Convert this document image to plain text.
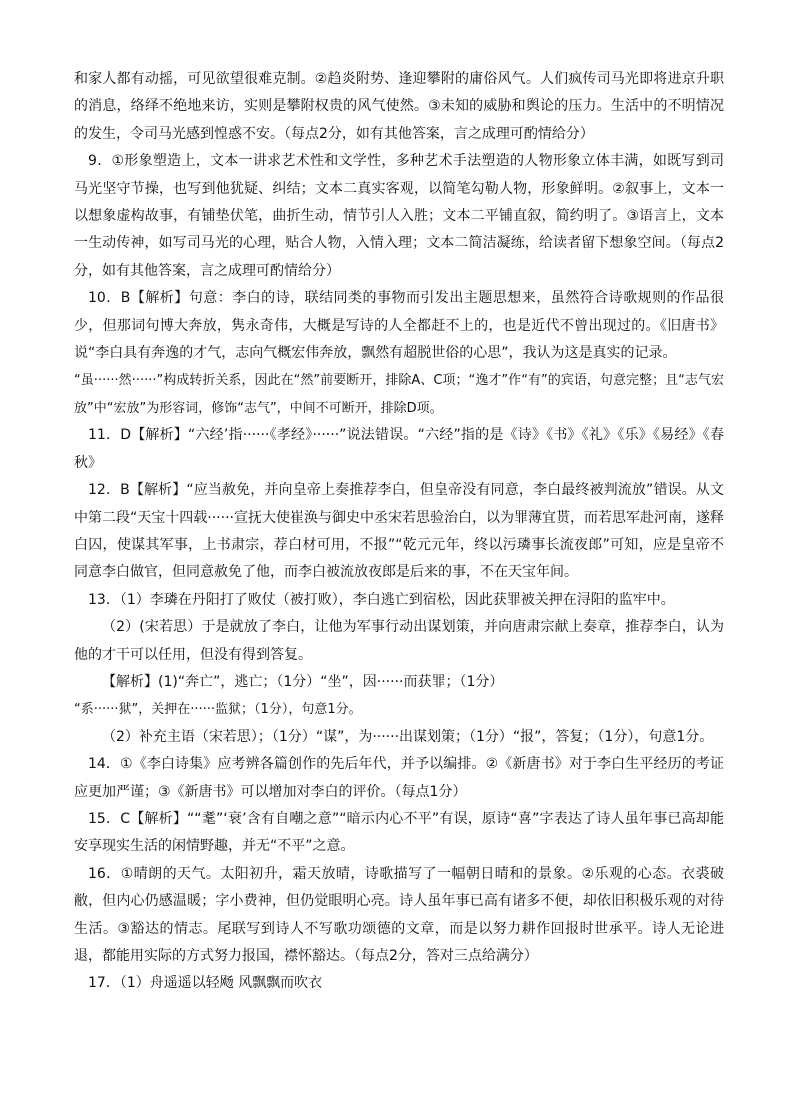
和家人都有动摇，可见欲望很难克制。②趋炎附势、逢迎攀附的庸俗风气。人们疯传司马光即将进京升职的消息，络绎不绝地来访，实则是攀附权贵的风气使然。③未知的威胁和舆论的压力。生活中的不明情况的发生，令司马光感到惶惑不安。（每点2分，如有其他答案，言之成理可酌情给分）

9．①形象塑造上，文本一讲求艺术性和文学性，多种艺术手法塑造的人物形象立体丰满，如既写到司马光坚守节操，也写到他犹疑、纠结；文本二真实客观，以简笔勾勒人物，形象鲜明。②叙事上，文本一以想象虚构故事，有铺垫伏笔，曲折生动，情节引人入胜；文本二平铺直叙，简约明了。③语言上，文本一生动传神，如写司马光的心理，贴合人物，入情入理；文本二简洁凝练，给读者留下想象空间。（每点2分，如有其他答案，言之成理可酌情给分）

10．B【解析】句意：李白的诗，联结同类的事物而引发出主题思想来，虽然符合诗歌规则的作品很少，但那词句博大奔放，隽永奇伟，大概是写诗的人全都赶不上的，也是近代不曾出现过的。《旧唐书》说“李白具有奔逸的才气，志向气概宏伟奔放，飘然有超脱世俗的心思”，我认为这是真实的记录。

“虽······然······”构成转折关系，因此在“然”前要断开，排除A、C项；“逸才”作“有”的宾语，句意完整；且“志气宏放”中“宏放”为形容词，修饰“志气”，中间不可断开，排除D项。

11．D【解析】“六经’指······《孝经》······”说法错误。“六经”指的是《诗》《书》《礼》《乐》《易经》《春秋》

12．B【解析】“应当赦免，并向皇帝上奏推荐李白，但皇帝没有同意，李白最终被判流放”错误。从文中第二段“天宝十四载······宣抚大使崔涣与御史中丞宋若思验治白，以为罪薄宜贳，而若思军赴河南，遂释白囚，使谋其军事，上书肃宗，荐白材可用，不报”“乾元元年，终以污璘事长流夜郎”可知，应是皇帝不同意李白做官，但同意赦免了他，而李白被流放夜郎是后来的事，不在天宝年间。

13．（1）李璘在丹阳打了败仗（被打败），李白逃亡到宿松，因此获罪被关押在浔阳的监牢中。

（2）(宋若思）于是就放了李白，让他为军事行动出谋划策，并向唐肃宗献上奏章，推荐李白，认为他的才干可以任用，但没有得到答复。

【解析】(1)“奔亡”，逃亡；（1分）“坐”，因······而获罪；（1分）

“系······狱”，关押在······监狱；（1分），句意1分。

（2）补充主语（宋若思）；（1分）“谋”，为······出谋划策；（1分）“报”，答复；（1分），句意1分。

14．①《李白诗集》应考辨各篇创作的先后年代，并予以编排。②《新唐书》对于李白生平经历的考证应更加严谨；③《新唐书》可以增加对李白的评价。（每点1分）

15．C【解析】““耄”‘衰’含有自嘲之意”“暗示内心不平”有误，原诗“喜”字表达了诗人虽年事已高却能安享现实生活的闲情野趣，并无“不平”之意。

16．①晴朗的天气。太阳初升，霜天放晴，诗歌描写了一幅朝日晴和的景象。②乐观的心态。衣裘破敝，但内心仍感温暖；字小费神，但仍觉眼明心亮。诗人虽年事已高有诸多不便，却依旧积极乐观的对待生活。③豁达的情志。尾联写到诗人不写歌功颂德的文章，而是以努力耕作回报时世承平。诗人无论进退，都能用实际的方式努力报国，襟怀豁达。（每点2分，答对三点给满分）

17．（1）舟遥遥以轻飏 风飘飘而吹衣
